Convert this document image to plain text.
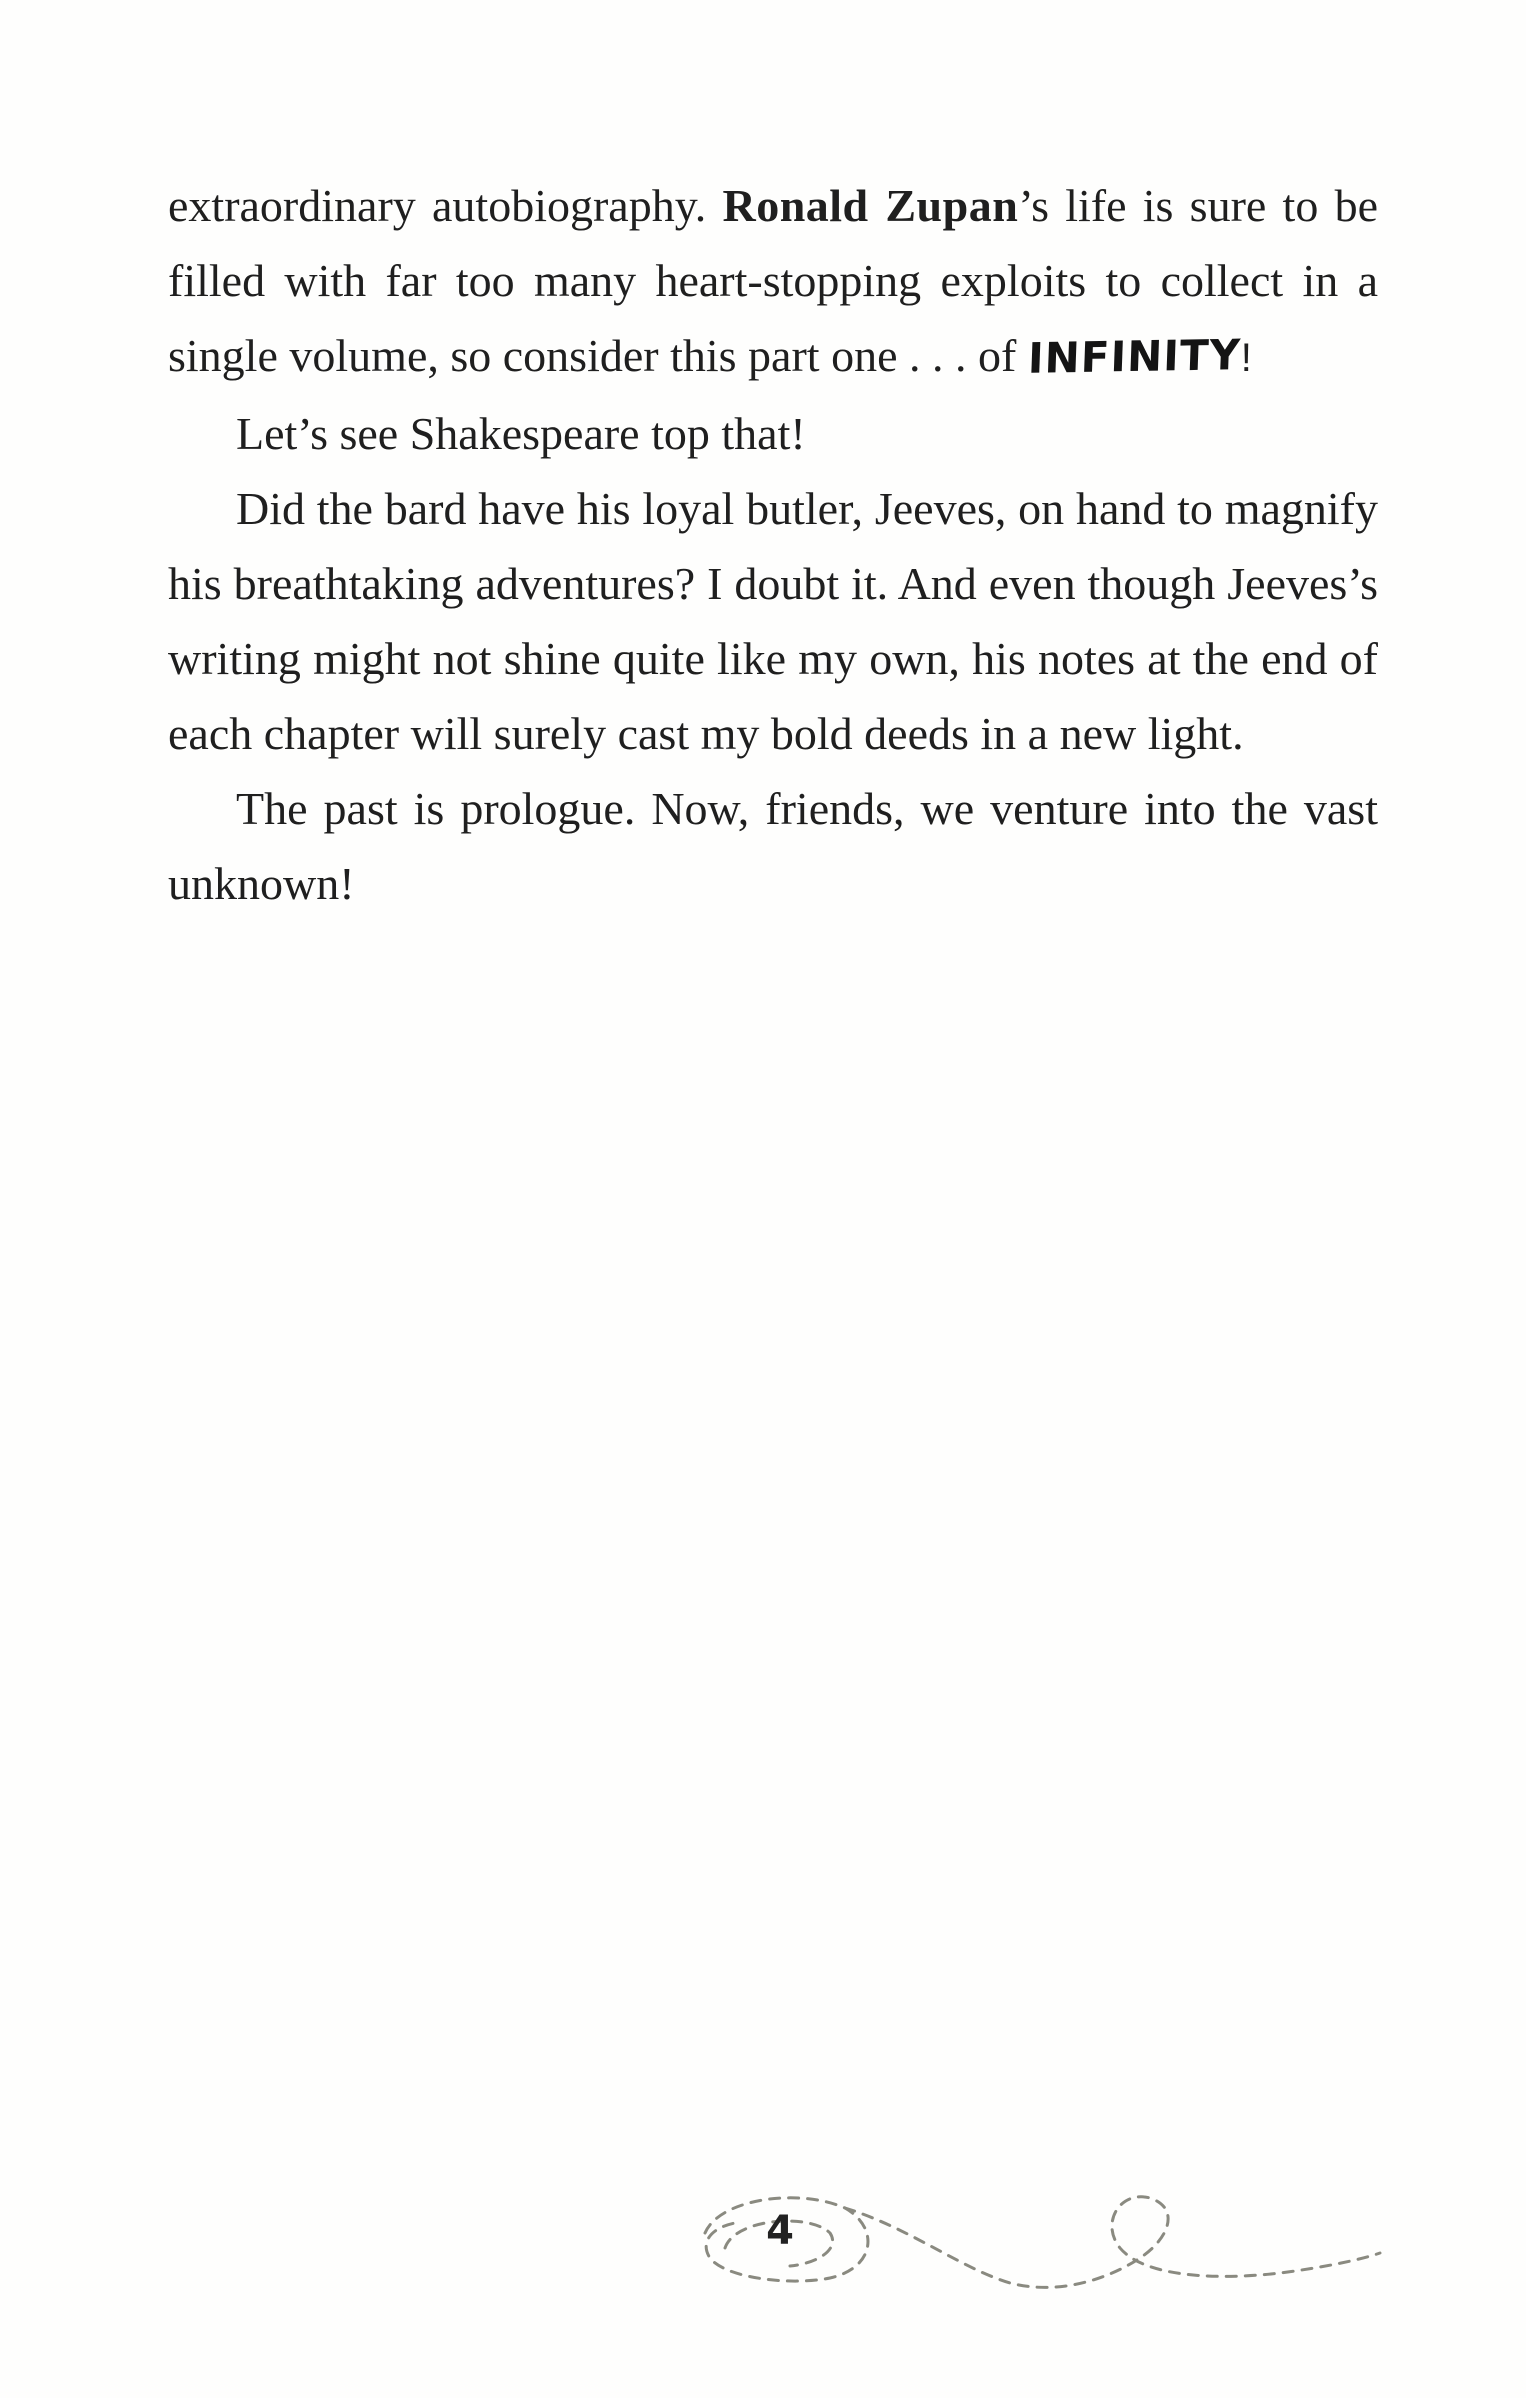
extraordinary autobiography. Ronald Zupan’s life is sure to be filled with far too many heart-stopping exploits to collect in a single volume, so consider this part one . . . of INFINITY!

Let’s see Shakespeare top that!

Did the bard have his loyal butler, Jeeves, on hand to magnify his breathtaking adventures? I doubt it. And even though Jeeves’s writing might not shine quite like my own, his notes at the end of each chapter will surely cast my bold deeds in a new light.

The past is prologue. Now, friends, we venture into the vast unknown!

4
